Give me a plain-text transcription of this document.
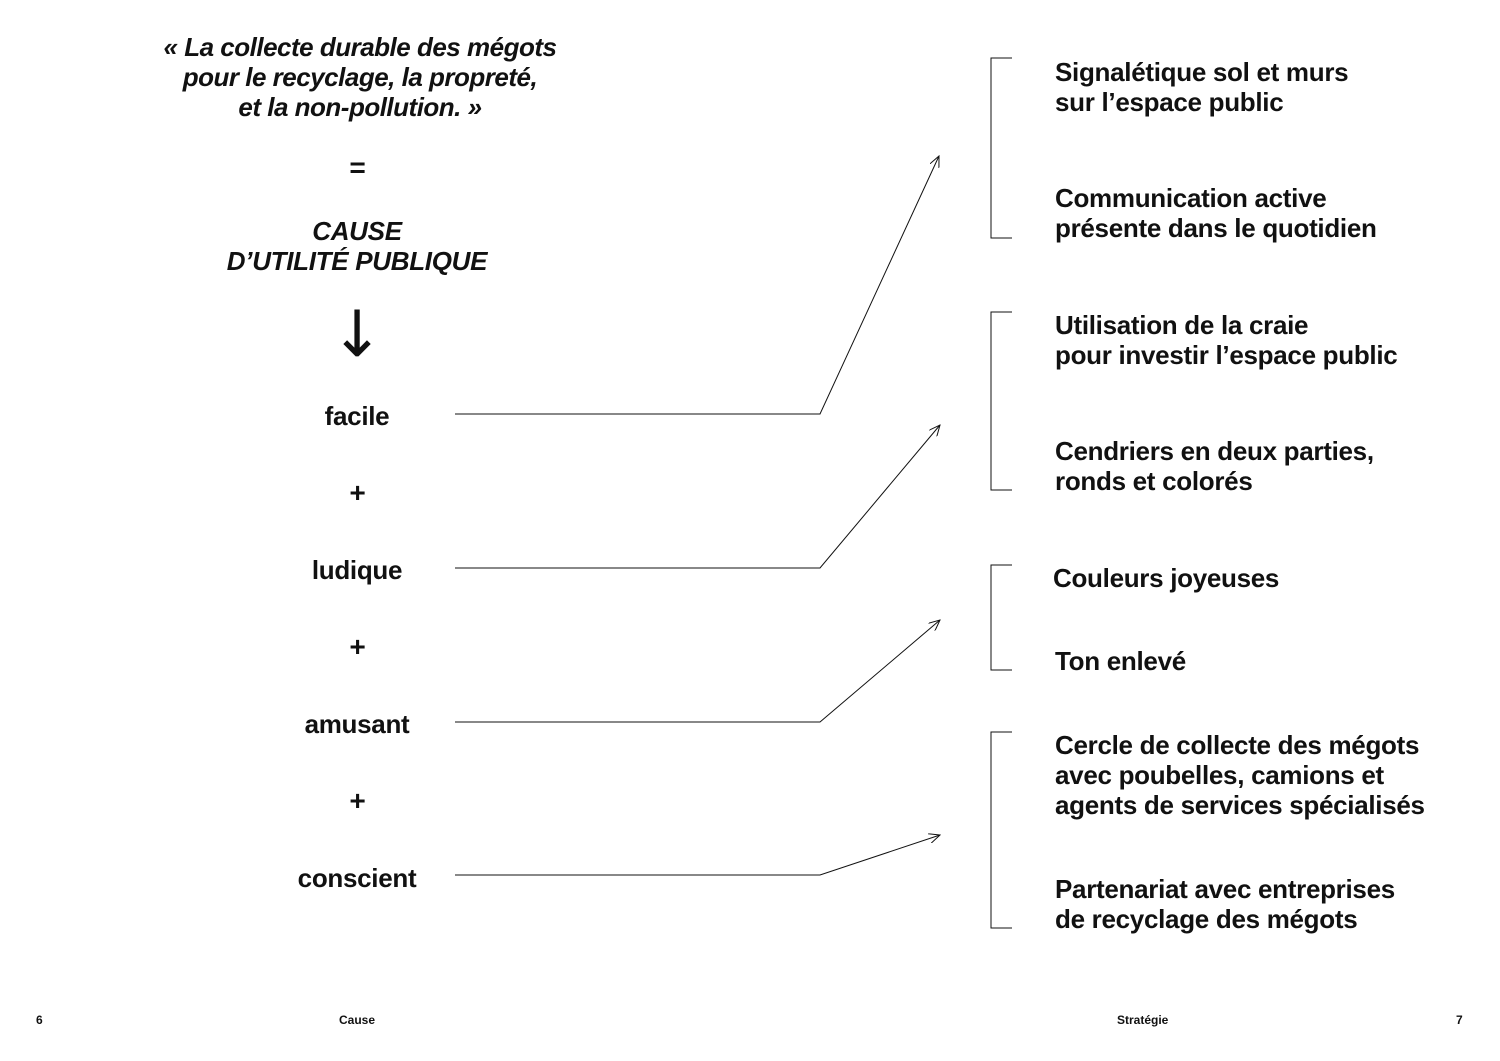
« La collecte durable des mégots
pour le recyclage, la propreté,
et la non-pollution. »
=
CAUSE
D’UTILITÉ PUBLIQUE
↓
facile
+
ludique
+
amusant
+
conscient
Signalétique sol et murs
sur l’espace public
Communication active
présente dans le quotidien
Utilisation de la craie
pour investir l’espace public
Cendriers en deux parties,
ronds et colorés
Couleurs joyeuses
Ton enlevé
Cercle de collecte des mégots
avec poubelles, camions et
agents de services spécialisés
Partenariat avec entreprises
de recyclage des mégots
6	Cause	Stratégie	7
